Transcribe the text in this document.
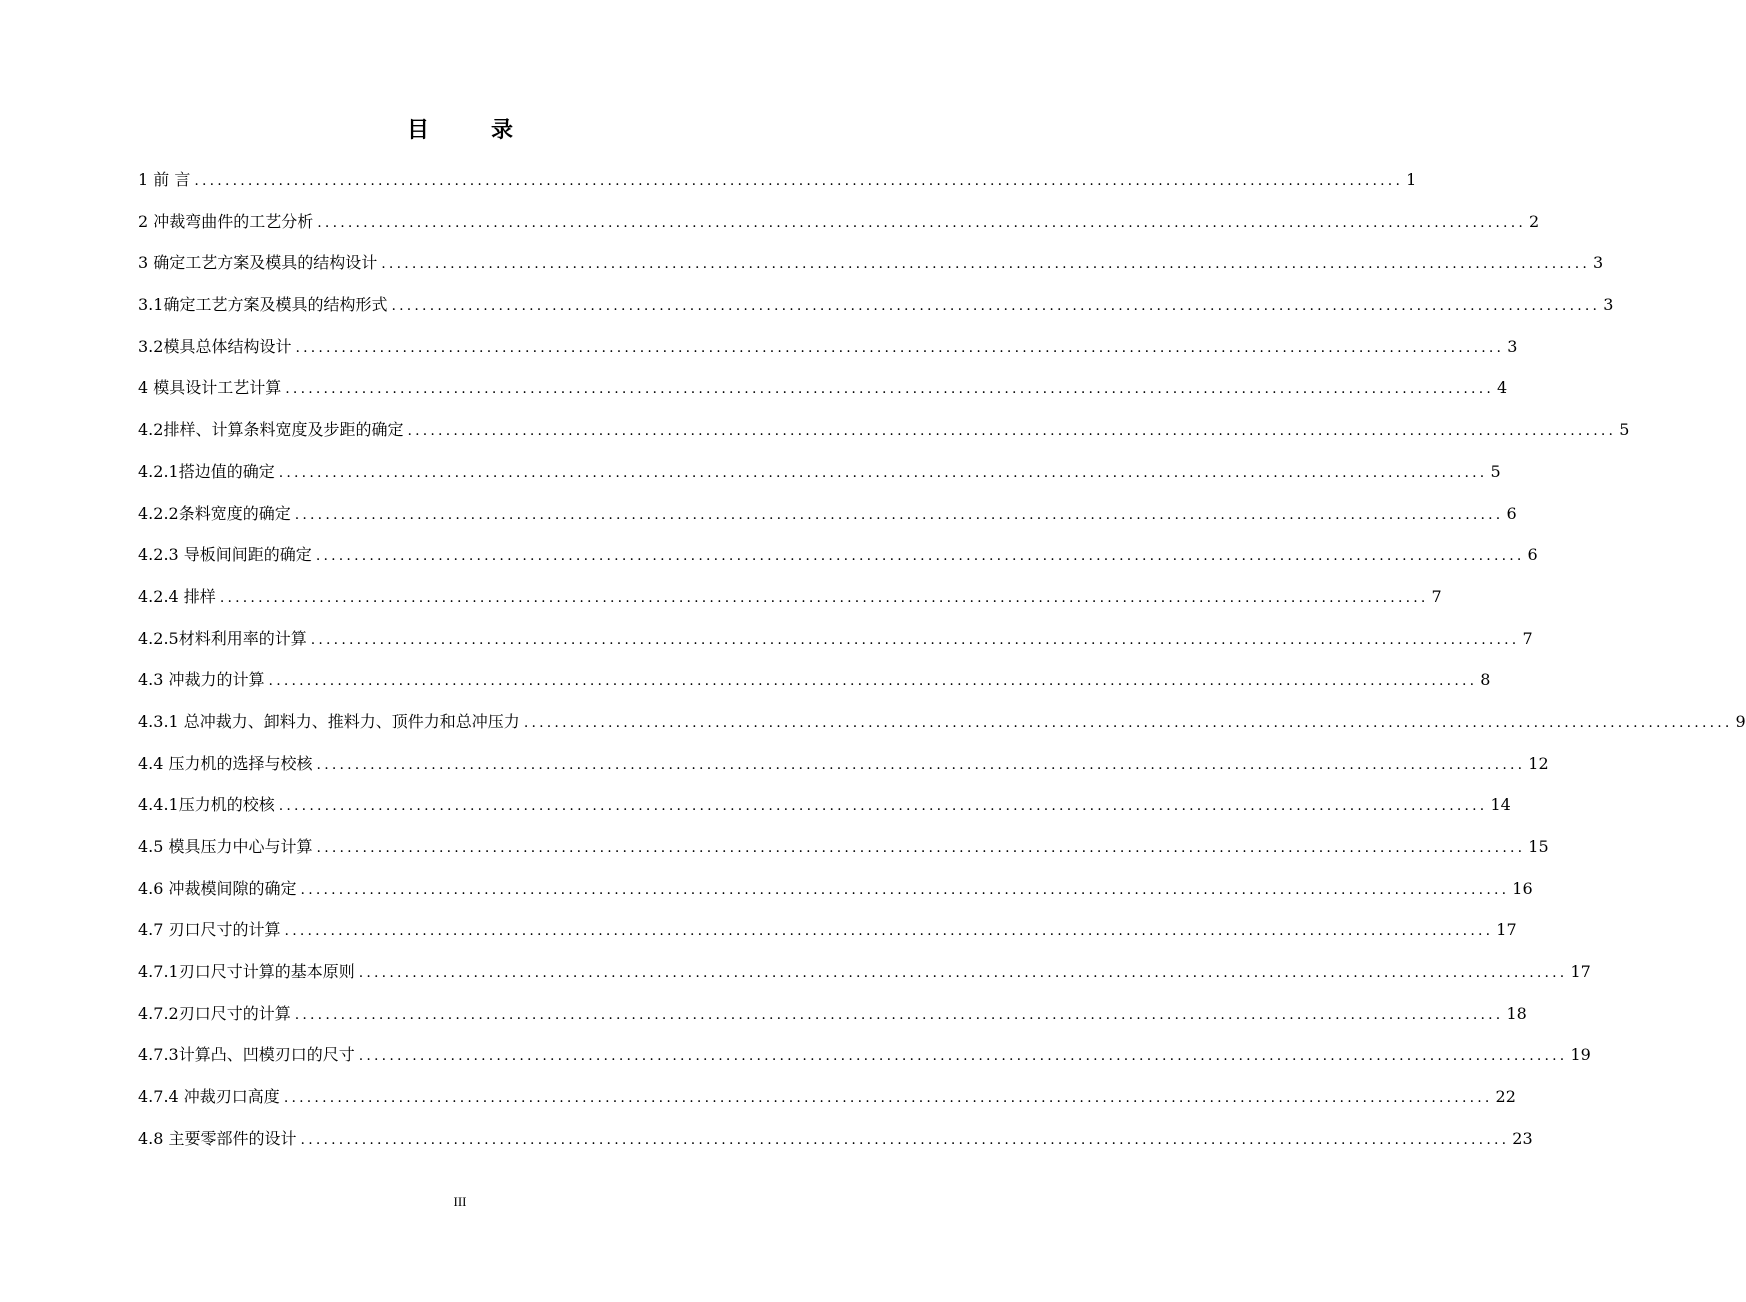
目　录
1 前 言 .............................................................................................................................................................. 1
2 冲裁弯曲件的工艺分析 .............................................................................................................................................................. 2
3 确定工艺方案及模具的结构设计 .............................................................................................................................................................. 3
3.1确定工艺方案及模具的结构形式 .............................................................................................................................................................. 3
3.2模具总体结构设计 .............................................................................................................................................................. 3
4 模具设计工艺计算 .............................................................................................................................................................. 4
4.2排样、计算条料宽度及步距的确定 .............................................................................................................................................................. 5
4.2.1搭边值的确定 .............................................................................................................................................................. 5
4.2.2条料宽度的确定 .............................................................................................................................................................. 6
4.2.3 导板间间距的确定 .............................................................................................................................................................. 6
4.2.4 排样 .............................................................................................................................................................. 7
4.2.5材料利用率的计算 .............................................................................................................................................................. 7
4.3 冲裁力的计算 .............................................................................................................................................................. 8
4.3.1 总冲裁力、卸料力、推料力、顶件力和总冲压力 .............................................................................................................................................................. 9
4.4 压力机的选择与校核 .............................................................................................................................................................. 12
4.4.1压力机的校核 .............................................................................................................................................................. 14
4.5 模具压力中心与计算 .............................................................................................................................................................. 15
4.6 冲裁模间隙的确定 .............................................................................................................................................................. 16
4.7 刃口尺寸的计算 .............................................................................................................................................................. 17
4.7.1刃口尺寸计算的基本原则 .............................................................................................................................................................. 17
4.7.2刃口尺寸的计算 .............................................................................................................................................................. 18
4.7.3计算凸、凹模刃口的尺寸 .............................................................................................................................................................. 19
4.7.4 冲裁刃口高度 .............................................................................................................................................................. 22
4.8 主要零部件的设计 .............................................................................................................................................................. 23
III
